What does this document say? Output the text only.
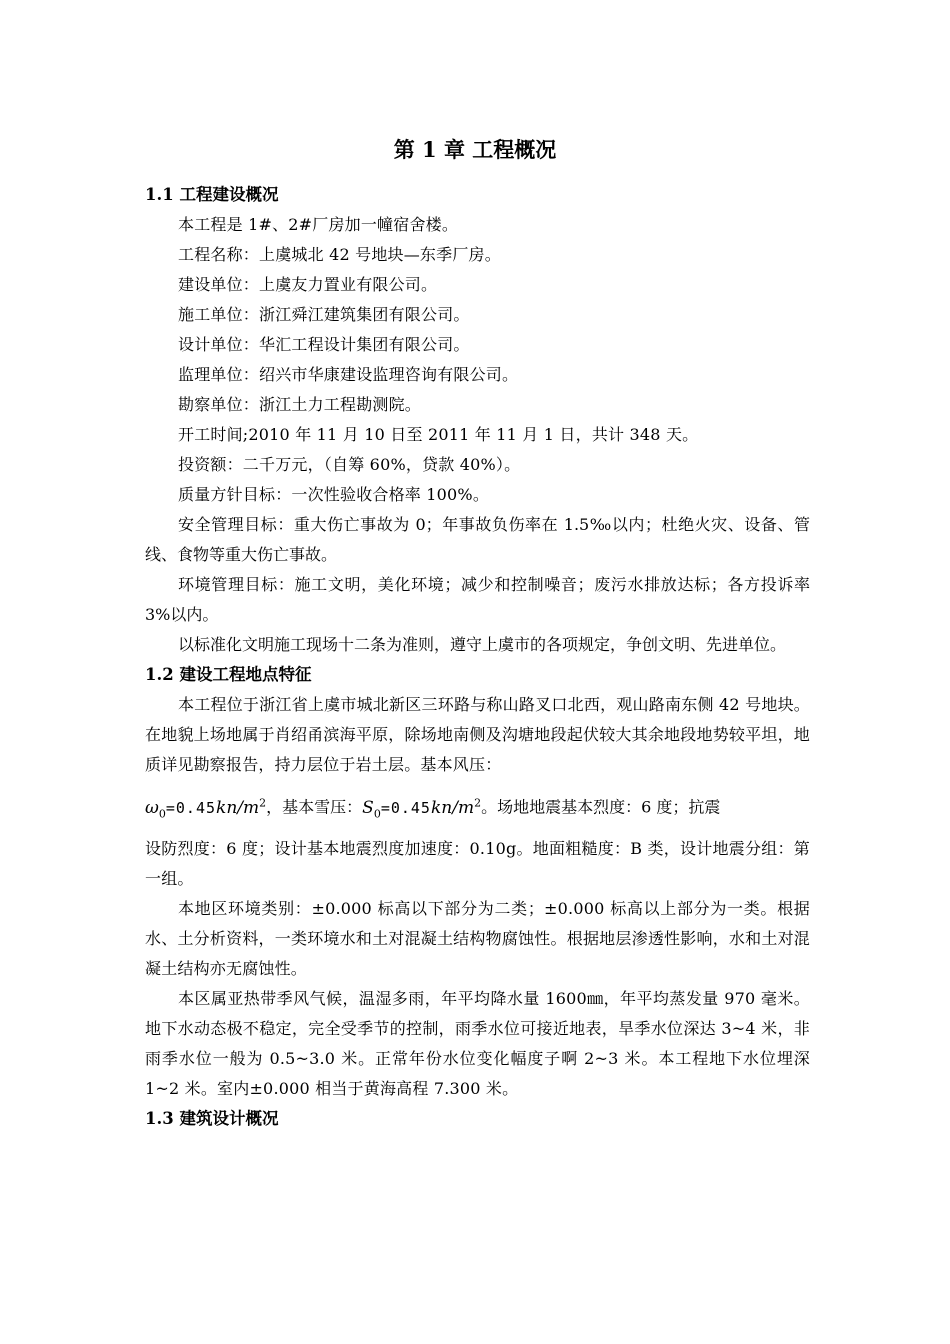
第 1 章 工程概况
1.1 工程建设概况

本工程是 1#、2#厂房加一幢宿舍楼。

工程名称：上虞城北 42 号地块—东季厂房。

建设单位：上虞友力置业有限公司。

施工单位：浙江舜江建筑集团有限公司。

设计单位：华汇工程设计集团有限公司。

监理单位：绍兴市华康建设监理咨询有限公司。

勘察单位：浙江土力工程勘测院。

开工时间;2010 年 11 月 10 日至 2011 年 11 月 1 日，共计 348 天。

投资额：二千万元，（自筹 60%，贷款 40%）。

质量方针目标：一次性验收合格率 100%。

安全管理目标：重大伤亡事故为 0；年事故负伤率在 1.5‰以内；杜绝火灾、设备、管线、食物等重大伤亡事故。

环境管理目标：施工文明，美化环境；减少和控制噪音；废污水排放达标；各方投诉率 3%以内。

以标准化文明施工现场十二条为准则，遵守上虞市的各项规定，争创文明、先进单位。

1.2 建设工程地点特征

本工程位于浙江省上虞市城北新区三环路与称山路叉口北西，观山路南东侧 42 号地块。在地貌上场地属于肖绍甬滨海平原，除场地南侧及沟塘地段起伏较大其余地段地势较平坦，地质详见勘察报告，持力层位于岩土层。基本风压：

$\omega_0=0.45kn/m^2$，基本雪压：$S_0=0.45kn/m^2$。场地地震基本烈度：6 度；抗震

设防烈度：6 度；设计基本地震烈度加速度：0.10g。地面粗糙度：B 类，设计地震分组：第一组。

本地区环境类别：±0.000 标高以下部分为二类；±0.000 标高以上部分为一类。根据水、土分析资料，一类环境水和土对混凝土结构物腐蚀性。根据地层渗透性影响，水和土对混凝土结构亦无腐蚀性。

本区属亚热带季风气候，温湿多雨，年平均降水量 1600㎜，年平均蒸发量 970 毫米。地下水动态极不稳定，完全受季节的控制，雨季水位可接近地表，旱季水位深达 3~4 米，非雨季水位一般为 0.5~3.0 米。正常年份水位变化幅度子啊 2~3 米。本工程地下水位埋深 1~2 米。室内±0.000 相当于黄海高程 7.300 米。

1.3 建筑设计概况
